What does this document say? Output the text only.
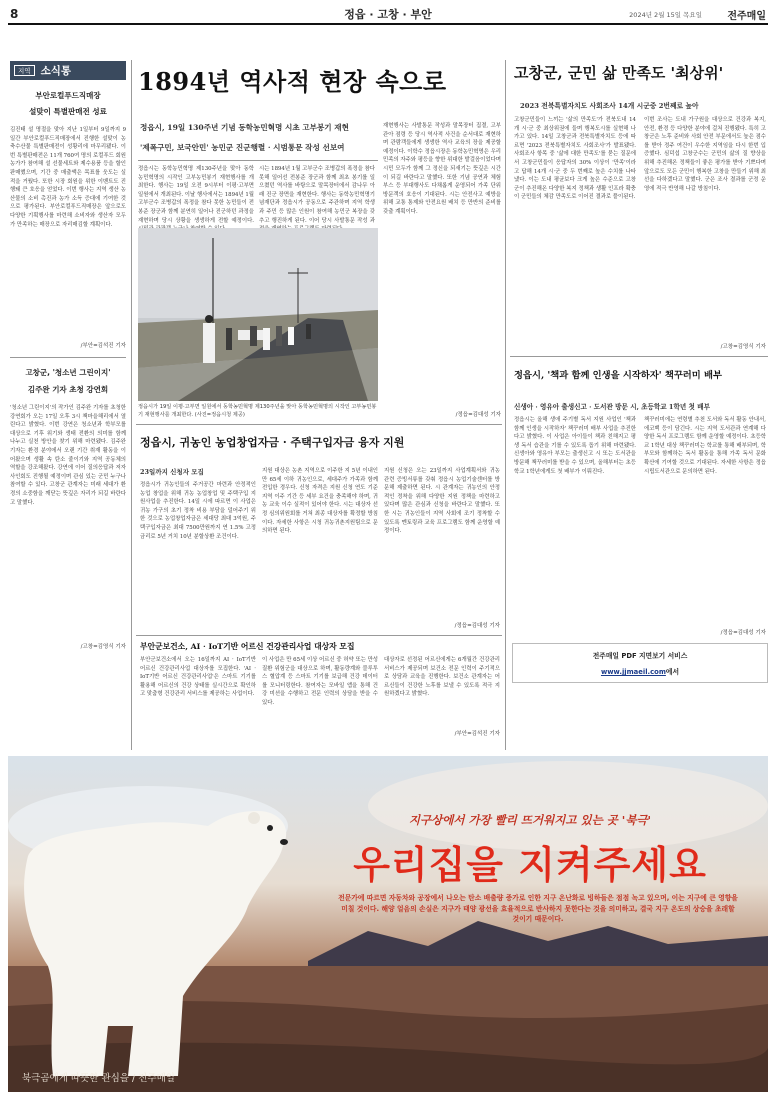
8	정읍 · 고창 · 부안	2024년 2월 15일 목요일	전주매일
지역 소식통
부안로컬푸드직매장
설맞이 특별판매전 성료
김진태 설 명절을 맞아 지난 1일부터 9일까지 9일간 부안로컬푸드직매장에서 진행한 설맞이 농축수산물 특별판매전이 성황리에 마무리됐다. 이번 특별판매전은 11개 760여 명의 로컬푸드 회원농가가 참여해 설 선물세트와 제수용품 등을 할인 판매했으며, 기간 중 매출액은 목표를 웃도는 실적을 거뒀다. 또한 시장 회원을 위한 이벤트도 진행돼 큰 호응을 얻었다. 이번 행사는 지역 생산 농산물의 소비 촉진과 농가 소득 증대에 기여한 것으로 평가된다. 부안로컬푸드직매장은 앞으로도 다양한 기획행사를 마련해 소비자와 생산자 모두가 만족하는 매장으로 자리매김할 계획이다.
/부안=김석진 기자
고창군, '청소년 그린이지'
김주완 기자 초청 강연회
'청소년 그린이지'의 작가인 김주완 기자를 초청한 강연회가 오는 17일 오후 3시 책마을해리에서 열린다고 밝혔다. 이번 강연은 청소년과 학부모를 대상으로 기후 위기와 생태 전환의 의미를 함께 나누고 실천 방안을 찾기 위해 마련됐다. 김주완 기자는 환경 분야에서 오랜 기간 취재 활동을 이어왔으며 생활 속 탄소 줄이기와 지역 공동체의 역할을 강조해왔다. 강연에 이어 질의응답과 저자 사인회도 진행될 예정이며 관심 있는 군민 누구나 참여할 수 있다. 고창군 관계자는 미래 세대가 환경의 소중함을 깨닫는 뜻깊은 자리가 되길 바란다고 말했다.
/고창=김영식 기자
1894년 역사적 현장 속으로
정읍시, 19일 130주년 기념 동학농민혁명 시초 고부봉기 재현
'제폭구민, 보국안민' 농민군 진군행렬 · 시범통문 작성 선보여
정읍시는 동학농민혁명 제130주년을 맞아 동학농민혁명의 시작인 고부농민봉기 재현행사를 개최한다. 행사는 19일 오전 9시부터 이평·고부면 일원에서 개최된다. 이날 행사에서는 1894년 1월 고부군수 조병갑의 폭정을 참다 못한 농민들이 전봉준 장군과 함께 분연히 일어나 진군하던 과정을 재현하며 당시 상황을 생생하게 전할 예정이다.
시는 1894년 1월 고부군수 조병갑의 폭정을 참다 못해 일어선 전봉준 장군과 함께 최초 봉기를 일으켰던 역사를 바탕으로 말목장터에서 감나무 아래 진군 장면을 재현한다. 행사는 동학농민혁명기념재단과 정읍시가 공동으로 주관하며 지역 학생과 주민 등 많은 인원이 참여해 농민군 복장을 갖추고 행진하게 된다. 이어 당시 사발통문 작성 과
재현행사는 사발통문 작성과 말목장터 집결, 고부관아 점령 등 당시 역사적 사건을 순서대로 재현하며 관람객들에게 생생한 역사 교육의 장을 제공할 예정이다. 이학수 정읍시장은 동학농민혁명은 우리 민족의 자주와 평등을 향한 위대한 발걸음이었다며 시민 모두가 함께 그 정신을 되새기는 뜻깊은 시간이 되길 바란다고 말했다. 또한 기념 공연과 체험 부스 등 부대행사도 다채롭게 운영되어 가족 단위 방문객의 호응이 기대된다. 시는 안전사고 예방을 위해 교통 통제와 안전요원 배치 등 만반의 준비를 갖출 계획이다.
/정읍=김대성 기자
정읍시가 19일 이평·고부면 일원에서 동학농민혁명 제130주년을 맞아 동학농민혁명의 시작인 고부농민봉기 재현행사를 개최한다. (사진=정읍시청 제공)
정읍시, 귀농인 농업창업자금 · 주택구입자금 융자 지원
23일까지 신청자 모집
정읍시가 귀농인들의 주거공간 마련과 안정적인 농업 창업을 위해 귀농 농업창업 및 주택구입 지원사업을 추진한다. 14일 시에 따르면 이 사업은 귀농 가구의 초기 정착 비용 부담을 덜어주기 위한 것으로 농업창업자금은 세대당 최대 3억원, 주택구입자금은 최대 7500만원까지 연 1.5% 고정금리로 5년 거치 10년 분할상환 조건이다.
지원 대상은 농촌 지역으로 이주한 지 5년 이내인 만 65세 이하 귀농인으로, 세대주가 가족과 함께 전입한 경우다. 신청 자격은 지원 신청 연도 기준 지역 이주 기간 등 세부 요건을 충족해야 하며, 귀농 교육 이수 실적이 있어야 한다. 시는 대상자 선정 심의위원회를 거쳐 최종 대상자를 확정할 방침이다. 자세한 사항은 시청 귀농귀촌지원팀으로 문의하면 된다.
지원 신청은 오는 23일까지 사업계획서와 귀농 관련 증빙서류를 갖춰 정읍시 농업기술센터를 방문해 제출하면 된다. 시 관계자는 귀농인의 안정적인 정착을 위해 다양한 지원 정책을 마련하고 있다며 많은 관심과 신청을 바란다고 말했다. 또한 시는 귀농인들이 지역 사회에 조기 정착할 수 있도록 멘토링과 교육 프로그램도 함께 운영할 예정이다.
/정읍=김대성 기자
부안군보건소, AI · IoT기반 어르신 건강관리사업 대상자 모집
부안군보건소에서 오는 16일까지 AI · IoT기반 어르신 건강관리사업 대상자를 모집한다. 'AI · IoT기반 어르신 건강관리사업'은 스마트 기기를 활용해 어르신의 건강 상태를 실시간으로 확인하고 맞춤형 건강관리 서비스를 제공하는 사업이다.
이 사업은 만 65세 이상 어르신 중 허약 또는 만성질환 위험군을 대상으로 하며, 활동량계와 블루투스 혈압계 등 스마트 기기를 보급해 건강 데이터를 모니터링한다. 참여자는 모바일 앱을 통해 건강 미션을 수행하고 전문 인력의 상담을 받을 수 있다.
대상자로 선정된 어르신에게는 6개월간 건강관리 서비스가 제공되며 보건소 전문 인력이 주기적으로 상담과 교육을 진행한다. 보건소 관계자는 어르신들이 건강한 노후를 보낼 수 있도록 적극 지원하겠다고 밝혔다.
/부안=김석진 기자
고창군, 군민 삶 만족도 '최상위'
2023 전북특별자치도 사회조사 14개 시군중 2번째로 높아
고창군민들이 느끼는 '삶의 만족도'가 전북도내 14개 시·군 중 최상위권에 들며 행복도시를 실현해 나가고 있다. 14일 고창군과 전북특별자치도 등에 따르면 '2023 전북특별자치도 사회조사'가 발표됐다. 사회조사 항목 중 '삶에 대한 만족도'를 묻는 질문에서 고창군민들이 응답자의 30% 이상이 '만족'이라고 답해 14개 시·군 중 두 번째로 높은 수치를 나타냈다. 이는 도내 평균보다 크게 높은 수준으로 고창군이 추진해온 다양한 복지 정책과 생활 인프라 확충이 군민들의 체감 만족도로 이어진 결과로 풀이된다.
이번 조사는 도내 가구원을 대상으로 건강과 복지, 안전, 환경 등 다양한 분야에 걸쳐 진행됐다. 특히 고창군은 노후 준비와 사회 안전 부문에서도 높은 점수를 받아 정주 여건이 우수한 지역임을 다시 한번 입증했다. 심덕섭 고창군수는 군민의 삶의 질 향상을 위해 추진해온 정책들이 좋은 평가를 받아 기쁘다며 앞으로도 모든 군민이 행복한 고창을 만들기 위해 최선을 다하겠다고 말했다. 군은 조사 결과를 군정 운영에 적극 반영해 나갈 방침이다.
/고창=김영식 기자
정읍시, '책과 함께 인생을 시작하자' 책꾸러미 배부
신생아 · 영유아 출생신고 · 도서관 방문 시, 초등학교 1학년 첫 배부
정읍시는 올해 생애 주기별 독서 지원 사업인 '책과 함께 인생을 시작하자' 책꾸러미 배부 사업을 추진한다고 밝혔다. 이 사업은 아이들이 책과 친해지고 평생 독서 습관을 기를 수 있도록 돕기 위해 마련됐다. 신생아와 영유아 부모는 출생신고 시 또는 도서관을 방문해 책꾸러미를 받을 수 있으며, 올해부터는 초등학교 1학년에게도 첫 배부가 이뤄진다.
책꾸러미에는 연령별 추천 도서와 독서 활동 안내서, 에코백 등이 담긴다. 시는 지역 도서관과 연계해 다양한 독서 프로그램도 함께 운영할 예정이다. 초등학교 1학년 대상 책꾸러미는 학교를 통해 배부되며, 학부모와 함께하는 독서 활동을 통해 가족 독서 문화 확산에 기여할 것으로 기대된다. 자세한 사항은 정읍시립도서관으로 문의하면 된다.
/정읍=김대성 기자
전주매일 PDF 지면보기 서비스
www.jjmaeil.com에서
지구상에서 가장 빨리 뜨거워지고 있는 곳 '북극'
우리집을 지켜주세요
전문가에 따르면 자동차와 공장에서 나오는 탄소 배출량 증가로 인한 지구 온난화로 빙하들은 점점 녹고 있으며, 이는 지구에 큰 영향을 미칠 것이다. 해양 얼음의 손실은 지구가 태양 광선을 효율적으로 반사하지 못한다는 것을 의미하고, 결국 지구 온도의 상승을 초래할 것이기 때문이다.
북극곰에게 따뜻한 관심을 / 전주매일
